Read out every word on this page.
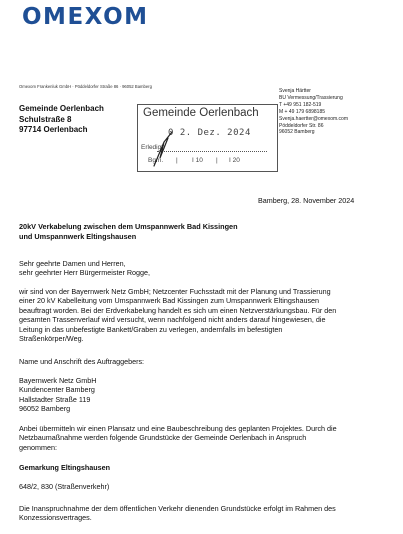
OMEXOM
Omexom Frankenluk GmbH · Pöddeldorfer Straße 86 · 96052 Bamberg
Gemeinde Oerlenbach
Schulstraße 8
97714 Oerlenbach
Svenja Härtter
BU Vermessung/Trassierung
T +49 951 182-519
M + 49 179 6898185
Svenja.haertter@omexom.com
Pöddeldorfer Str. 86
96052 Bamberg
Gemeinde Oerlenbach
0 2. Dez. 2024
Erledigt:
Bgm. | I 10 | I 20
Bamberg, 28. November 2024
20kV Verkabelung zwischen dem Umspannwerk Bad Kissingen
und Umspannwerk Eltingshausen
Sehr geehrte Damen und Herren,
sehr geehrter Herr Bürgermeister Rogge,
wir sind von der Bayernwerk Netz GmbH; Netzcenter Fuchsstadt mit der Planung und Trassierung
einer 20 kV Kabelleitung vom Umspannwerk Bad Kissingen zum Umspannwerk Eltingshausen
beauftragt worden. Bei der Erdverkabelung handelt es sich um einen Netzverstärkungsbau. Für den
gesamten Trassenverlauf wird versucht, wenn nachfolgend nicht anders darauf hingewiesen, die
Leitung in das unbefestigte Bankett/Graben zu verlegen, andernfalls im befestigten
Straßenkörper/Weg.
Name und Anschrift des Auftraggebers:
Bayernwerk Netz GmbH
Kundencenter Bamberg
Hallstadter Straße 119
96052 Bamberg
Anbei übermitteln wir einen Plansatz und eine Baubeschreibung des geplanten Projektes. Durch die
Netzbaumaßnahme werden folgende Grundstücke der Gemeinde Oerlenbach in Anspruch
genommen:
Gemarkung Eltingshausen
648/2, 830 (Straßenverkehr)
Die Inanspruchnahme der dem öffentlichen Verkehr dienenden Grundstücke erfolgt im Rahmen des
Konzessionsvertrages.
